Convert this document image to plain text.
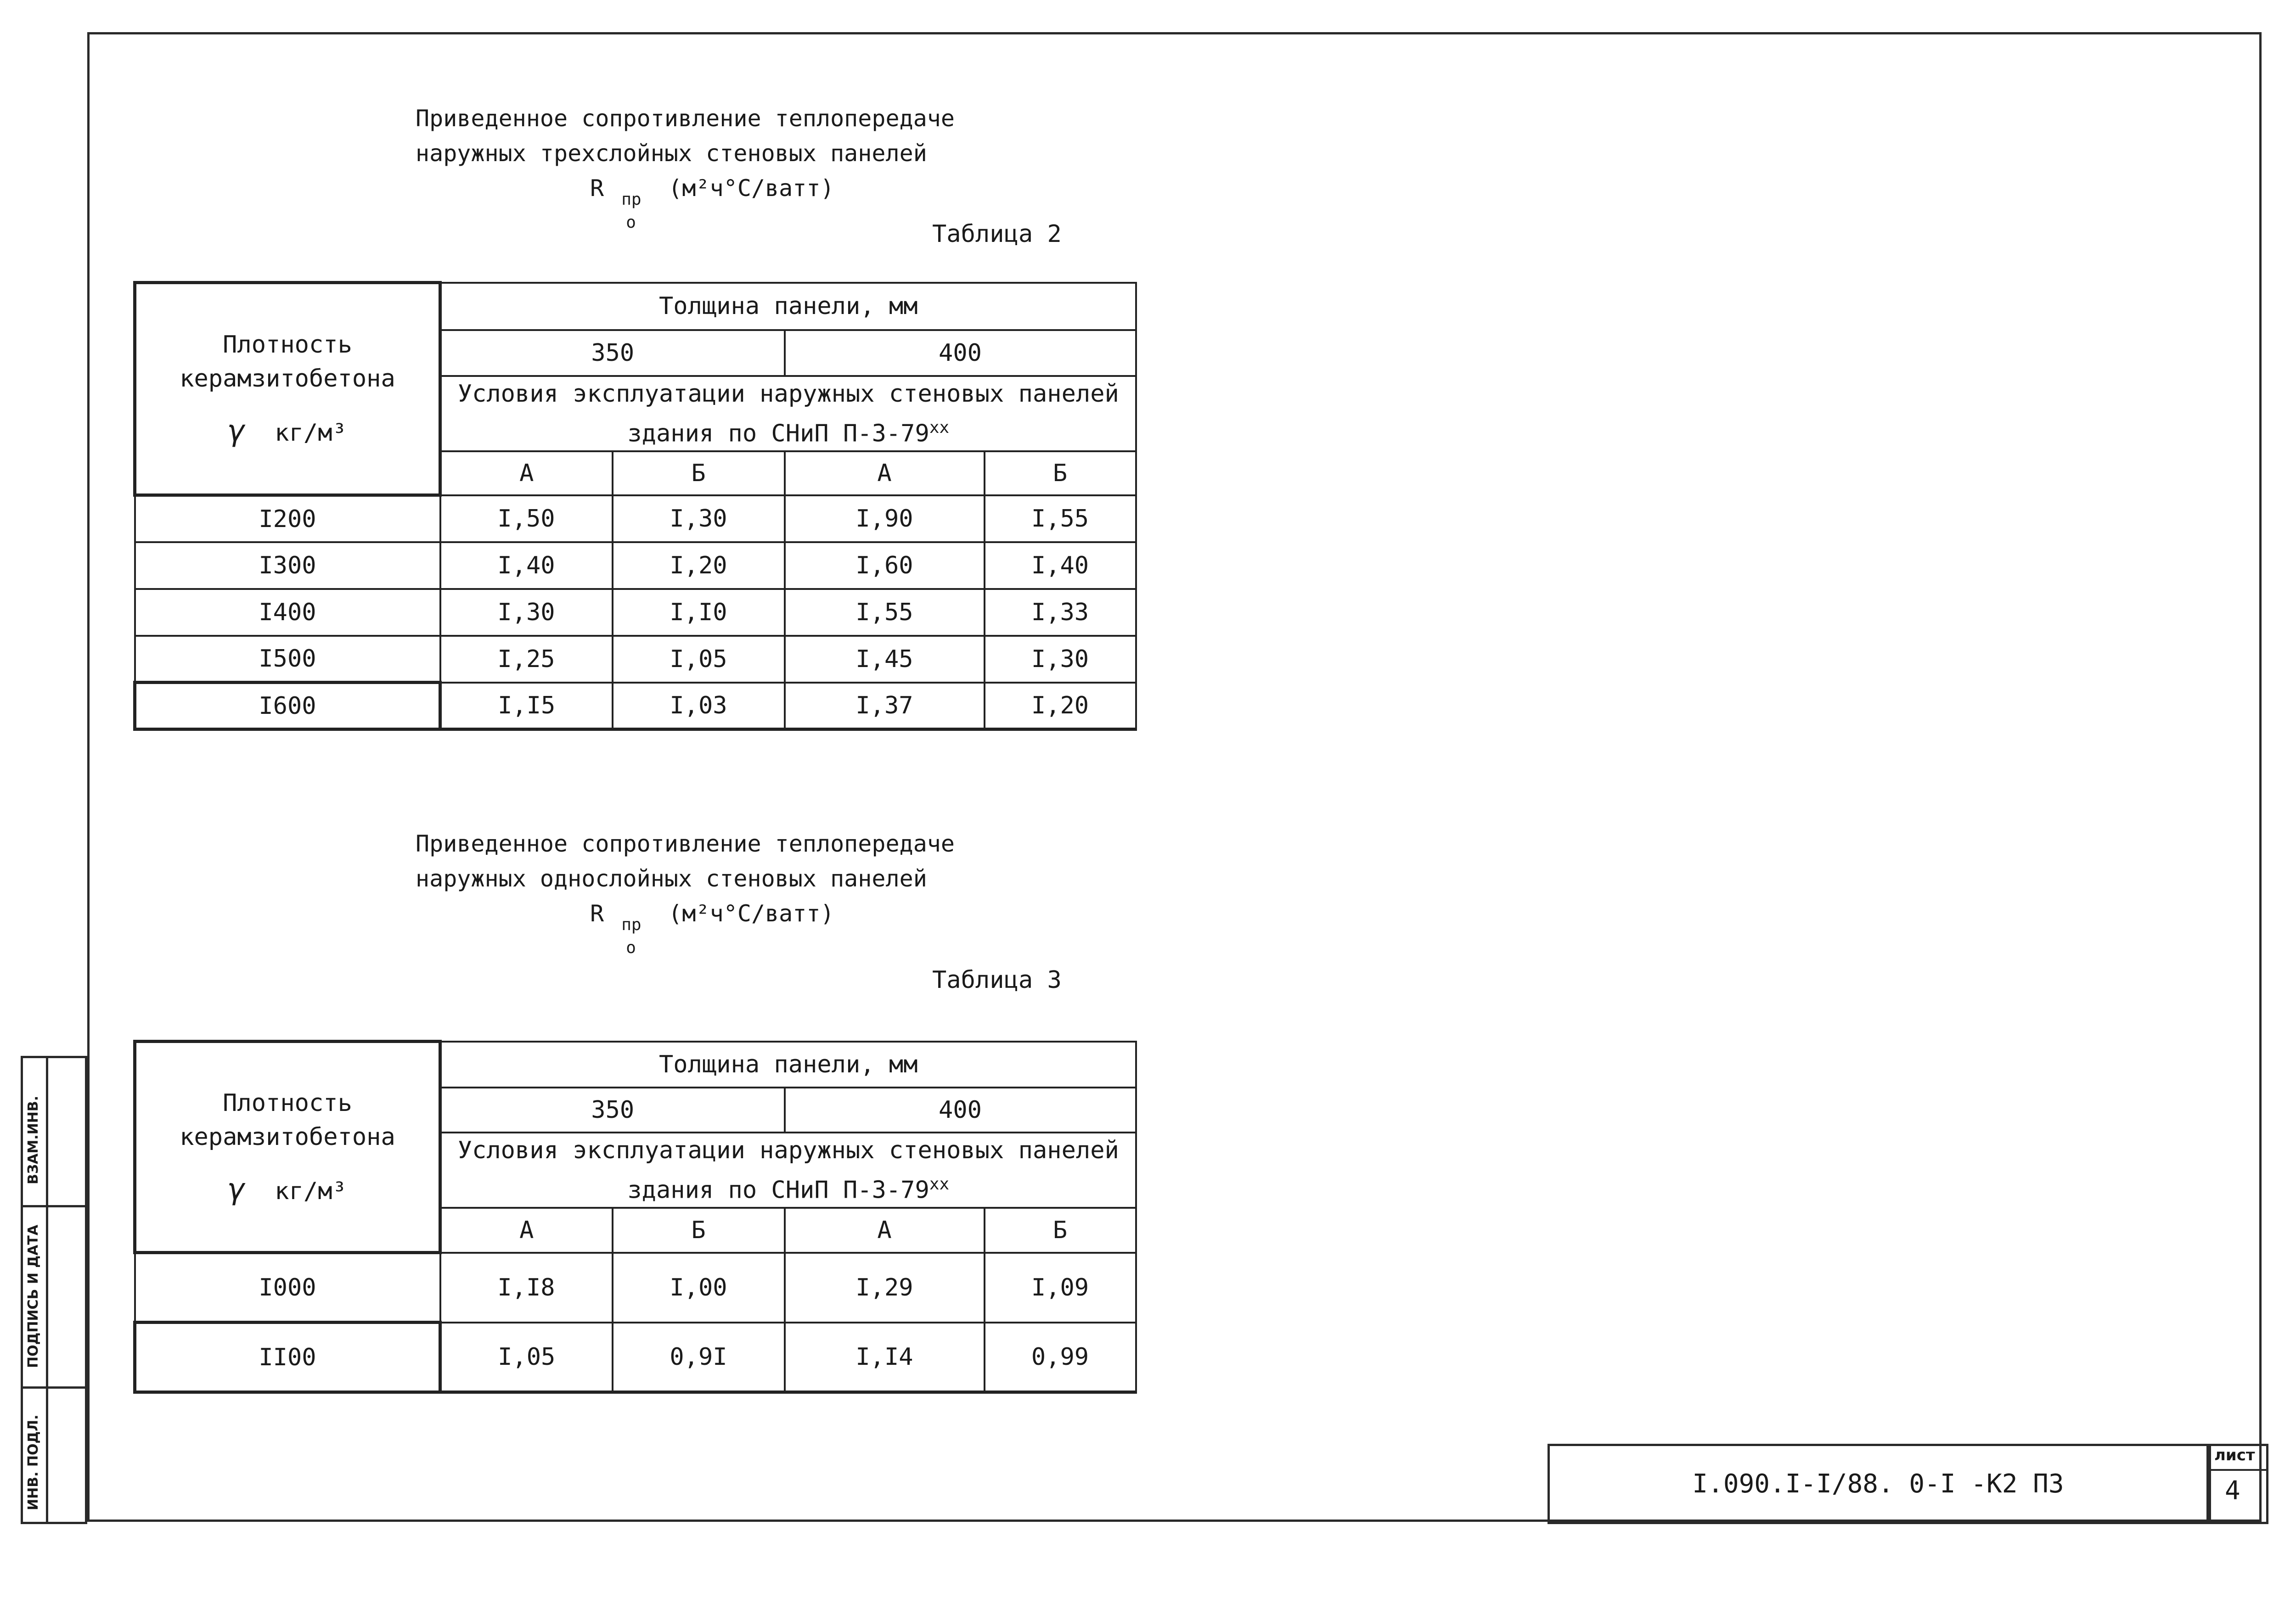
Приведенное сопротивление теплопередаче
наружных трехслойных стеновых панелей
R пр
о
(м²ч°С/ватт)
Таблица 2
Плотность
керамзитобетона
γ кг/м³	Толщина панели, мм			
	350		400	

	Условия эксплуатации наружных стеновых панелей
здания по СНиП $П-3-79^{хх}$

	А	Б	А	Б
I200	I,50	I,30	I,90	I,55
I300	I,40	I,20	I,60	I,40
I400	I,30	I,I0	I,55	I,33
I500	I,25	I,05	I,45	I,30
I600	I,I5	I,03	I,37	I,20
Приведенное сопротивление теплопередаче
наружных однослойных стеновых панелей
R пр
о
(м²ч°С/ватт)
Таблица 3
Плотность
керамзитобетона
γ кг/м³	Толщина панели, мм			
	350		400	

	Условия эксплуатации наружных стеновых панелей
здания по СНиП $П-3-79^{хх}$

	А	Б	А	Б
I000	I,I8	I,00	I,29	I,09
II00	I,05	0,9I	I,I4	0,99
I.090.I-I/88. 0-I -К2 ПЗ
лист
4
ВЗАМ.ИНВ.
ПОДПИСЬ И ДАТА
ИНВ. ПОДЛ.
